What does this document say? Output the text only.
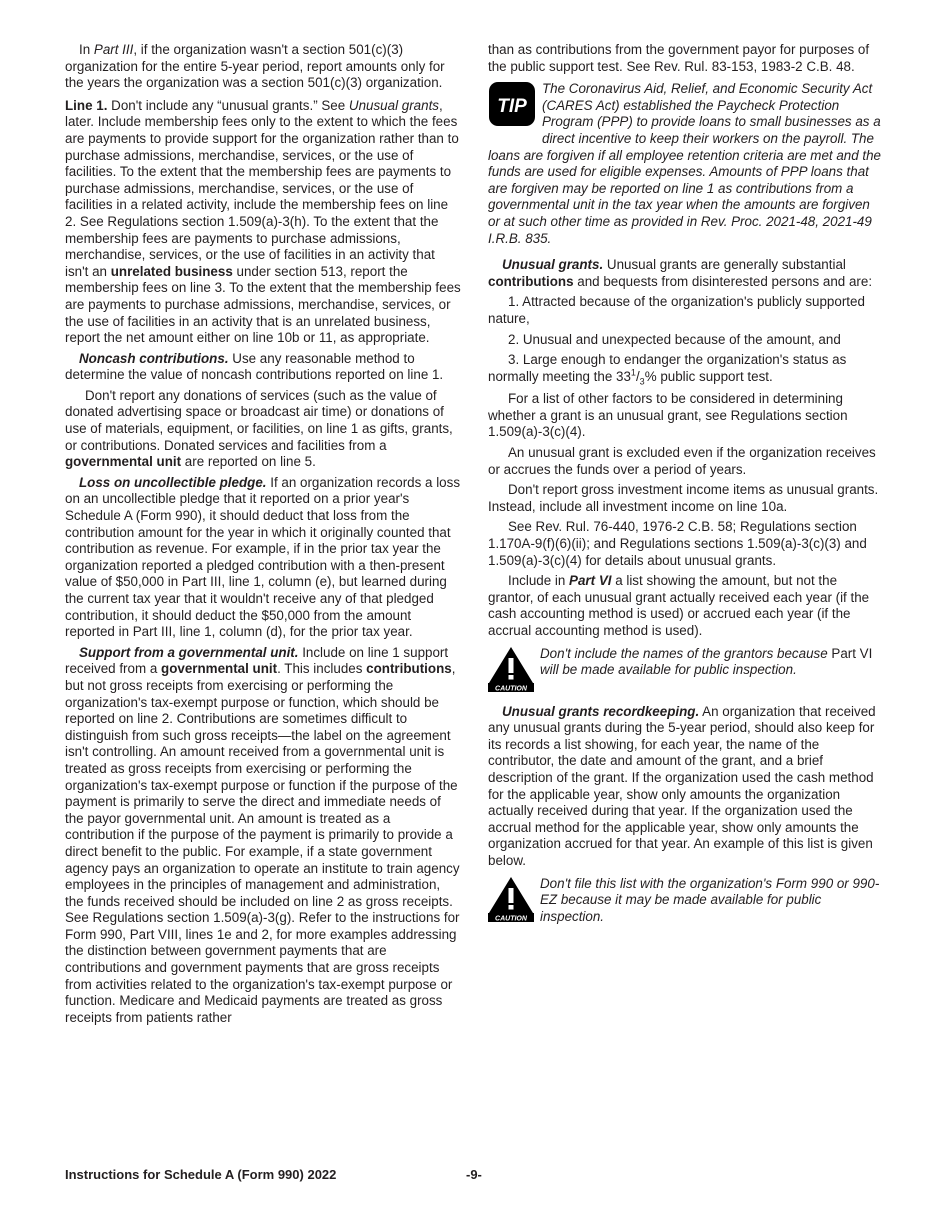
In Part III, if the organization wasn't a section 501(c)(3) organization for the entire 5-year period, report amounts only for the years the organization was a section 501(c)(3) organization.

Line 1. Don't include any “unusual grants.” See Unusual grants, later. Include membership fees only to the extent to which the fees are payments to provide support for the organization rather than to purchase admissions, merchandise, services, or the use of facilities. To the extent that the membership fees are payments to purchase admissions, merchandise, services, or the use of facilities in a related activity, include the membership fees on line 2. See Regulations section 1.509(a)-3(h). To the extent that the membership fees are payments to purchase admissions, merchandise, services, or the use of facilities in an activity that isn't an unrelated business under section 513, report the membership fees on line 3. To the extent that the membership fees are payments to purchase admissions, merchandise, services, or the use of facilities in an activity that is an unrelated business, report the net amount either on line 10b or 11, as appropriate.

Noncash contributions. Use any reasonable method to determine the value of noncash contributions reported on line 1.

Don't report any donations of services (such as the value of donated advertising space or broadcast air time) or donations of use of materials, equipment, or facilities, on line 1 as gifts, grants, or contributions. Donated services and facilities from a governmental unit are reported on line 5.

Loss on uncollectible pledge. If an organization records a loss on an uncollectible pledge that it reported on a prior year's Schedule A (Form 990), it should deduct that loss from the contribution amount for the year in which it originally counted that contribution as revenue. For example, if in the prior tax year the organization reported a pledged contribution with a then-present value of $50,000 in Part III, line 1, column (e), but learned during the current tax year that it wouldn't receive any of that pledged contribution, it should deduct the $50,000 from the amount reported in Part III, line 1, column (d), for the prior tax year.

Support from a governmental unit. Include on line 1 support received from a governmental unit. This includes contributions, but not gross receipts from exercising or performing the organization's tax-exempt purpose or function, which should be reported on line 2. Contributions are sometimes difficult to distinguish from such gross receipts—the label on the agreement isn't controlling. An amount received from a governmental unit is treated as gross receipts from exercising or performing the organization's tax-exempt purpose or function if the purpose of the payment is primarily to serve the direct and immediate needs of the payor governmental unit. An amount is treated as a contribution if the purpose of the payment is primarily to provide a direct benefit to the public. For example, if a state government agency pays an organization to operate an institute to train agency employees in the principles of management and administration, the funds received should be included on line 2 as gross receipts. See Regulations section 1.509(a)-3(g). Refer to the instructions for Form 990, Part VIII, lines 1e and 2, for more examples addressing the distinction between government payments that are contributions and government payments that are gross receipts from activities related to the organization's tax-exempt purpose or function. Medicare and Medicaid payments are treated as gross receipts from patients rather

than as contributions from the government payor for purposes of the public support test. See Rev. Rul. 83-153, 1983-2 C.B. 48.

TIP
The Coronavirus Aid, Relief, and Economic Security Act (CARES Act) established the Paycheck Protection Program (PPP) to provide loans to small businesses as a direct incentive to keep their workers on the payroll. The loans are forgiven if all employee retention criteria are met and the funds are used for eligible expenses. Amounts of PPP loans that are forgiven may be reported on line 1 as contributions from a governmental unit in the tax year when the amounts are forgiven or at such other time as provided in Rev. Proc. 2021-48, 2021-49 I.R.B. 835.

Unusual grants. Unusual grants are generally substantial contributions and bequests from disinterested persons and are:

1. Attracted because of the organization's publicly supported nature,

2. Unusual and unexpected because of the amount, and

3. Large enough to endanger the organization's status as normally meeting the $33^1/_3\%$ public support test.

For a list of other factors to be considered in determining whether a grant is an unusual grant, see Regulations section 1.509(a)-3(c)(4).

An unusual grant is excluded even if the organization receives or accrues the funds over a period of years.

Don't report gross investment income items as unusual grants. Instead, include all investment income on line 10a.

See Rev. Rul. 76-440, 1976-2 C.B. 58; Regulations section 1.170A-9(f)(6)(ii); and Regulations sections 1.509(a)-3(c)(3) and 1.509(a)-3(c)(4) for details about unusual grants.

Include in Part VI a list showing the amount, but not the grantor, of each unusual grant actually received each year (if the cash accounting method is used) or accrued each year (if the accrual accounting method is used).

CAUTION
Don't include the names of the grantors because Part VI will be made available for public inspection.

Unusual grants recordkeeping. An organization that received any unusual grants during the 5-year period, should also keep for its records a list showing, for each year, the name of the contributor, the date and amount of the grant, and a brief description of the grant. If the organization used the cash method for the applicable year, show only amounts the organization actually received during that year. If the organization used the accrual method for the applicable year, show only amounts the organization accrued for that year. An example of this list is given below.

CAUTION
Don't file this list with the organization's Form 990 or 990-EZ because it may be made available for public inspection.
Instructions for Schedule A (Form 990) 2022	-9-
